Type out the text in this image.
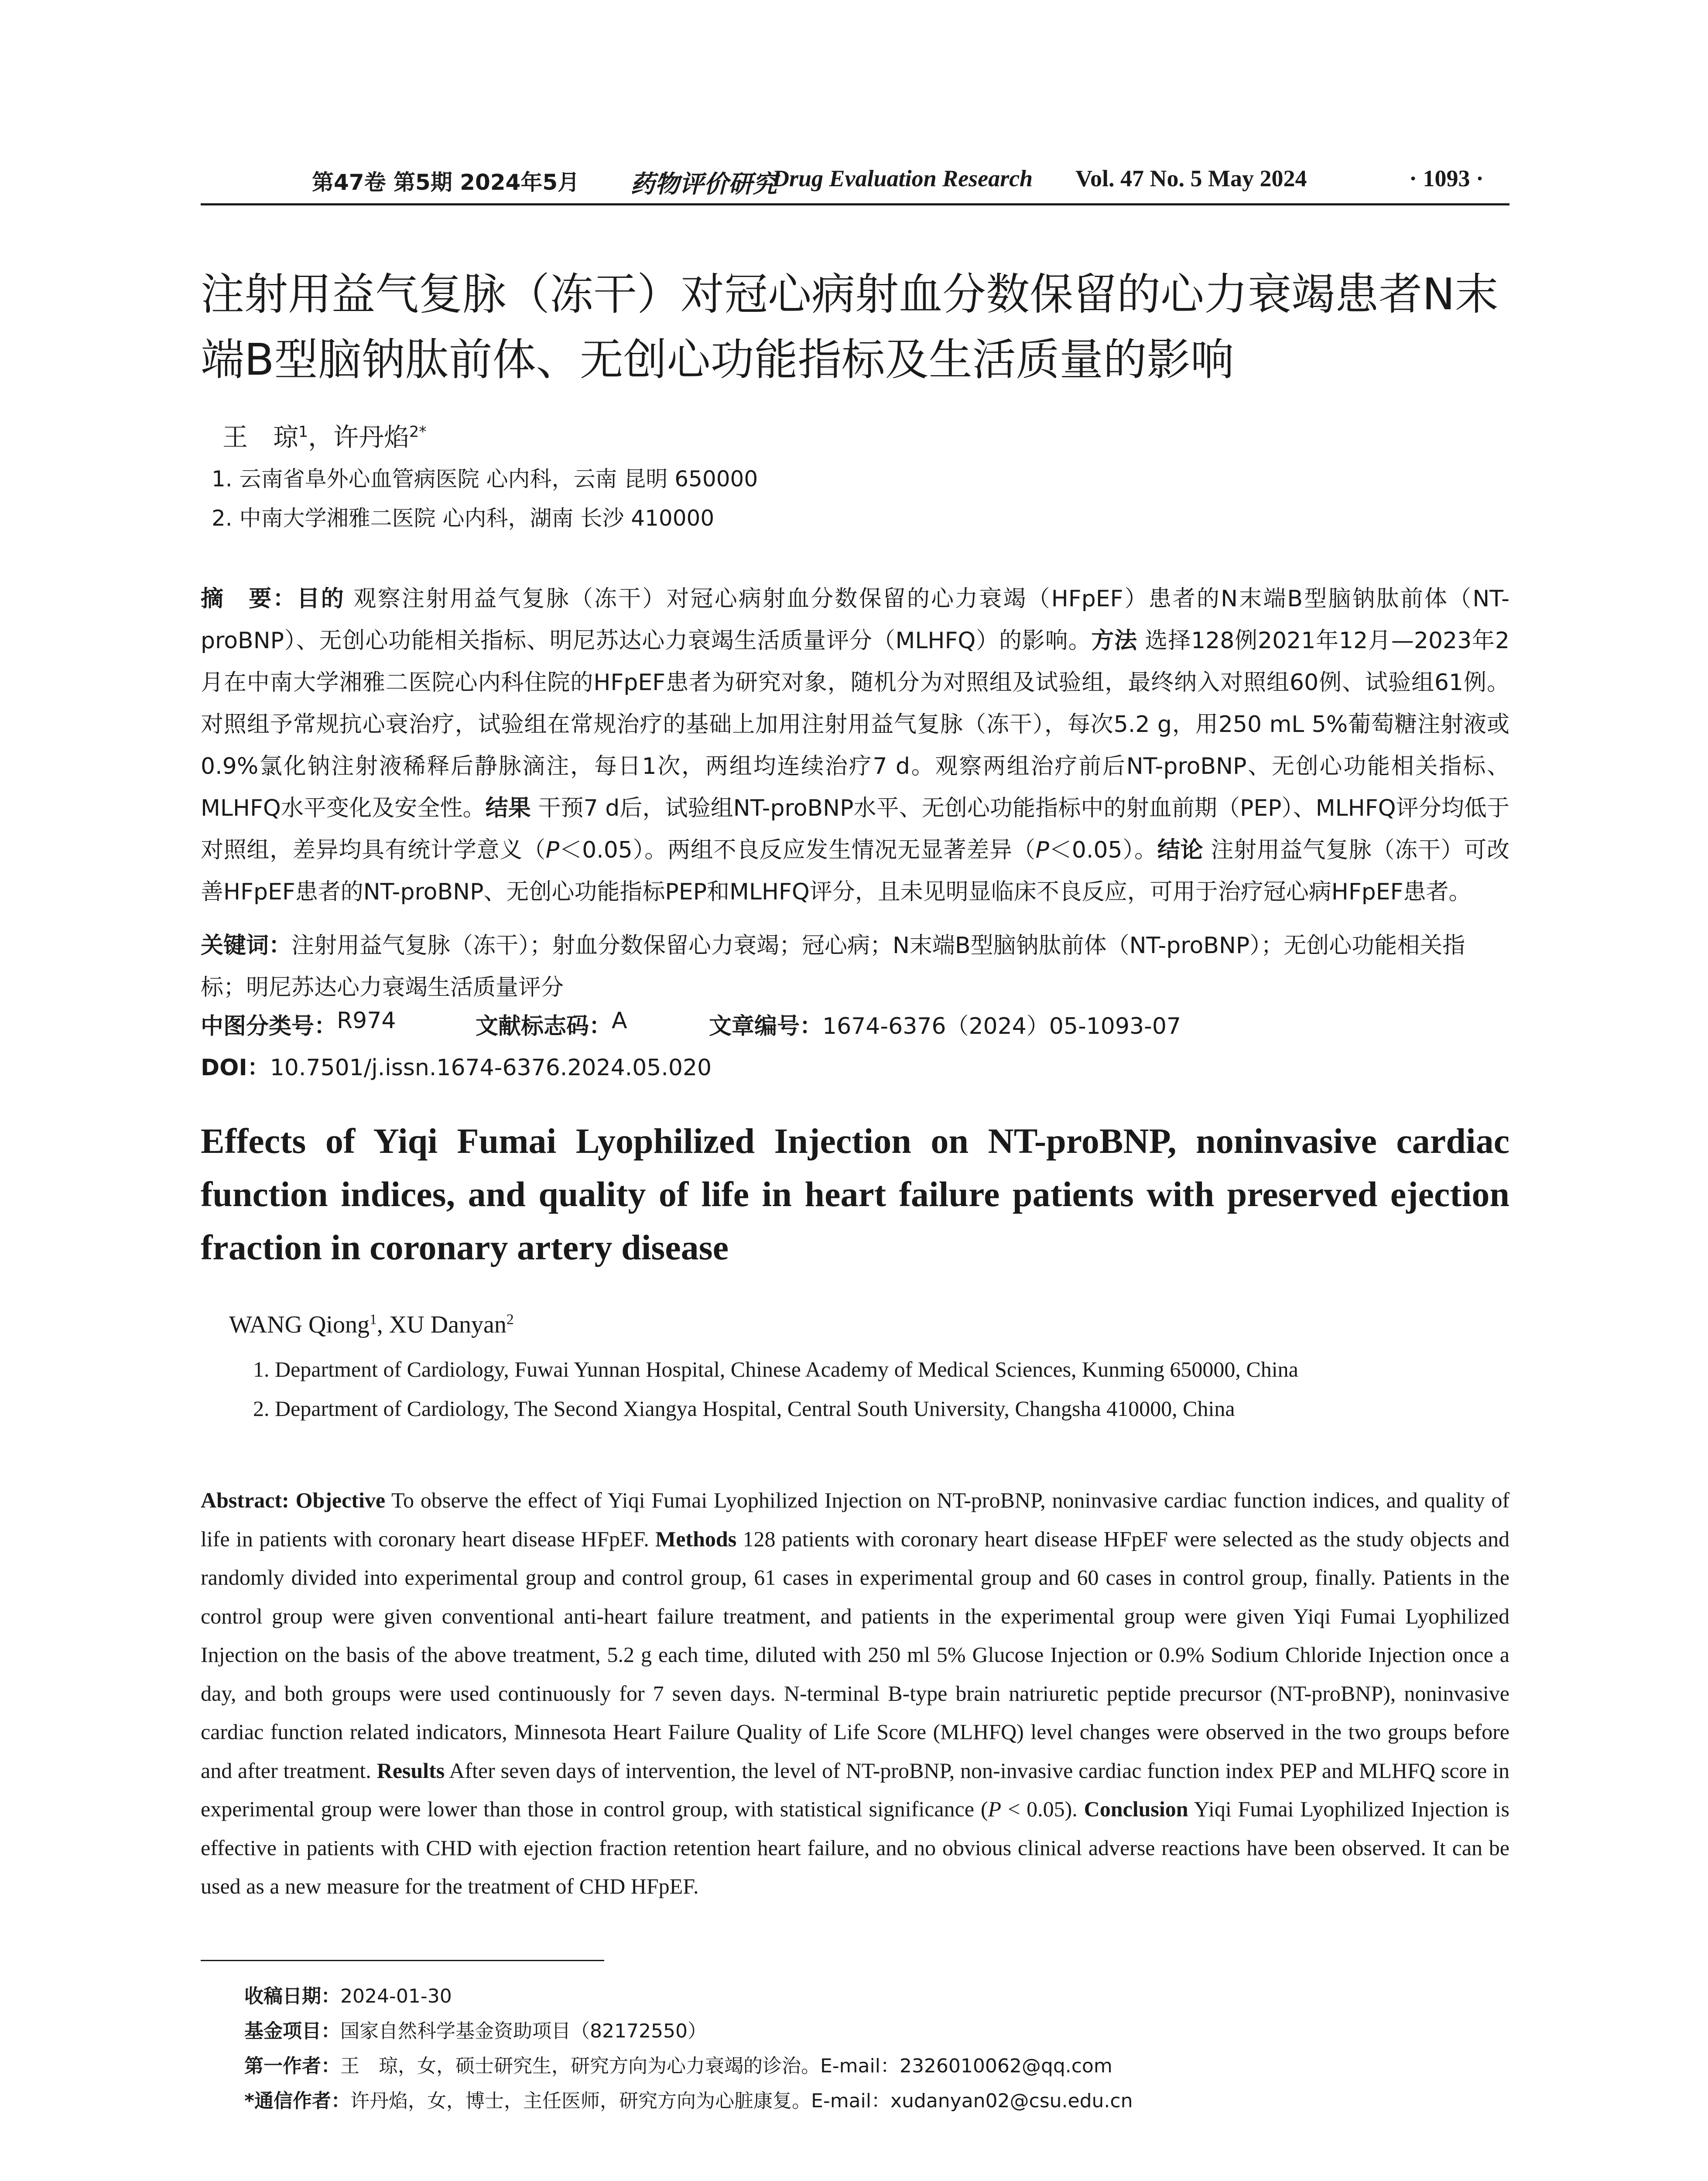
第47卷 第5期 2024年5月 药物评价研究
Drug Evaluation Research Vol. 47 No. 5 May 2024	· 1093 ·
注射用益气复脉（冻干）对冠心病射血分数保留的心力衰竭患者N末端B型脑钠肽前体、无创心功能指标及生活质量的影响
王　琼$^1$，许丹焰$^{2*}$
1. 云南省阜外心血管病医院 心内科，云南 昆明 650000
2. 中南大学湘雅二医院 心内科，湖南 长沙 410000
摘　要：目的 观察注射用益气复脉（冻干）对冠心病射血分数保留的心力衰竭（HFpEF）患者的N末端B型脑钠肽前体（NT-proBNP）、无创心功能相关指标、明尼苏达心力衰竭生活质量评分（MLHFQ）的影响。方法 选择128例2021年12月—2023年2月在中南大学湘雅二医院心内科住院的HFpEF患者为研究对象，随机分为对照组及试验组，最终纳入对照组60例、试验组61例。对照组予常规抗心衰治疗，试验组在常规治疗的基础上加用注射用益气复脉（冻干），每次5.2 g，用250 mL 5%葡萄糖注射液或0.9%氯化钠注射液稀释后静脉滴注，每日1次，两组均连续治疗7 d。观察两组治疗前后NT-proBNP、无创心功能相关指标、MLHFQ水平变化及安全性。结果 干预7 d后，试验组NT-proBNP水平、无创心功能指标中的射血前期（PEP）、MLHFQ评分均低于对照组，差异均具有统计学意义（P＜0.05）。两组不良反应发生情况无显著差异（P＜0.05）。结论 注射用益气复脉（冻干）可改善HFpEF患者的NT-proBNP、无创心功能指标PEP和MLHFQ评分，且未见明显临床不良反应，可用于治疗冠心病HFpEF患者。
关键词：注射用益气复脉（冻干）；射血分数保留心力衰竭；冠心病；N末端B型脑钠肽前体（NT-proBNP）；无创心功能相关指标；明尼苏达心力衰竭生活质量评分
中图分类号： R974	文献标志码： A	文章编号： 1674-6376（2024）05-1093-07
DOI：10.7501/j.issn.1674-6376.2024.05.020
Effects of Yiqi Fumai Lyophilized Injection on NT-proBNP, noninvasive cardiac function indices, and quality of life in heart failure patients with preserved ejection fraction in coronary artery disease
WANG Qiong$^1$, XU Danyan$^2$
1. Department of Cardiology, Fuwai Yunnan Hospital, Chinese Academy of Medical Sciences, Kunming 650000, China
2. Department of Cardiology, The Second Xiangya Hospital, Central South University, Changsha 410000, China
Abstract: Objective To observe the effect of Yiqi Fumai Lyophilized Injection on NT-proBNP, noninvasive cardiac function indices, and quality of life in patients with coronary heart disease HFpEF. Methods 128 patients with coronary heart disease HFpEF were selected as the study objects and randomly divided into experimental group and control group, 61 cases in experimental group and 60 cases in control group, finally. Patients in the control group were given conventional anti-heart failure treatment, and patients in the experimental group were given Yiqi Fumai Lyophilized Injection on the basis of the above treatment, 5.2 g each time, diluted with 250 ml 5% Glucose Injection or 0.9% Sodium Chloride Injection once a day, and both groups were used continuously for 7 seven days. N-terminal B-type brain natriuretic peptide precursor (NT-proBNP), noninvasive cardiac function related indicators, Minnesota Heart Failure Quality of Life Score (MLHFQ) level changes were observed in the two groups before and after treatment. Results After seven days of intervention, the level of NT-proBNP, non-invasive cardiac function index PEP and MLHFQ score in experimental group were lower than those in control group, with statistical significance (P < 0.05). Conclusion Yiqi Fumai Lyophilized Injection is effective in patients with CHD with ejection fraction retention heart failure, and no obvious clinical adverse reactions have been observed. It can be used as a new measure for the treatment of CHD HFpEF.
收稿日期：2024-01-30
基金项目：国家自然科学基金资助项目（82172550）
第一作者：王　琼，女，硕士研究生，研究方向为心力衰竭的诊治。E-mail：2326010062@qq.com
*通信作者：许丹焰，女，博士，主任医师，研究方向为心脏康复。E-mail：xudanyan02@csu.edu.cn
